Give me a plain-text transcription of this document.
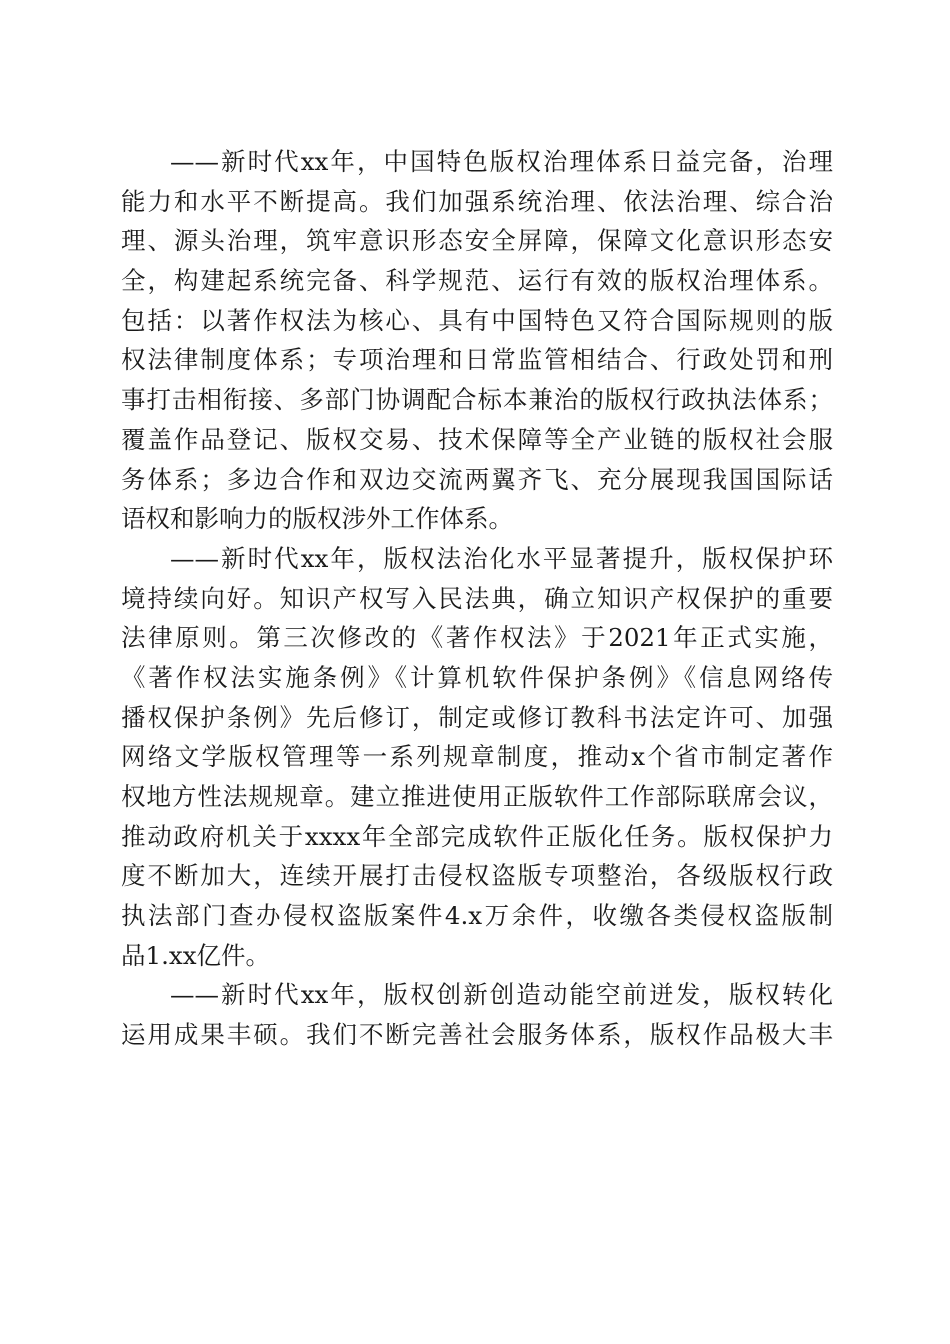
——新时代xx年，中国特色版权治理体系日益完备，治理
能力和水平不断提高。我们加强系统治理、依法治理、综合治
理、源头治理，筑牢意识形态安全屏障，保障文化意识形态安
全，构建起系统完备、科学规范、运行有效的版权治理体系。
包括：以著作权法为核心、具有中国特色又符合国际规则的版
权法律制度体系；专项治理和日常监管相结合、行政处罚和刑
事打击相衔接、多部门协调配合标本兼治的版权行政执法体系；
覆盖作品登记、版权交易、技术保障等全产业链的版权社会服
务体系；多边合作和双边交流两翼齐飞、充分展现我国国际话
语权和影响力的版权涉外工作体系。
——新时代xx年，版权法治化水平显著提升，版权保护环
境持续向好。知识产权写入民法典，确立知识产权保护的重要
法律原则。第三次修改的《著作权法》于2021年正式实施，
《著作权法实施条例》《计算机软件保护条例》《信息网络传
播权保护条例》先后修订，制定或修订教科书法定许可、加强
网络文学版权管理等一系列规章制度，推动x个省市制定著作
权地方性法规规章。建立推进使用正版软件工作部际联席会议，
推动政府机关于xxxx年全部完成软件正版化任务。版权保护力
度不断加大，连续开展打击侵权盗版专项整治，各级版权行政
执法部门查办侵权盗版案件4.x万余件，收缴各类侵权盗版制
品1.xx亿件。
——新时代xx年，版权创新创造动能空前迸发，版权转化
运用成果丰硕。我们不断完善社会服务体系，版权作品极大丰
